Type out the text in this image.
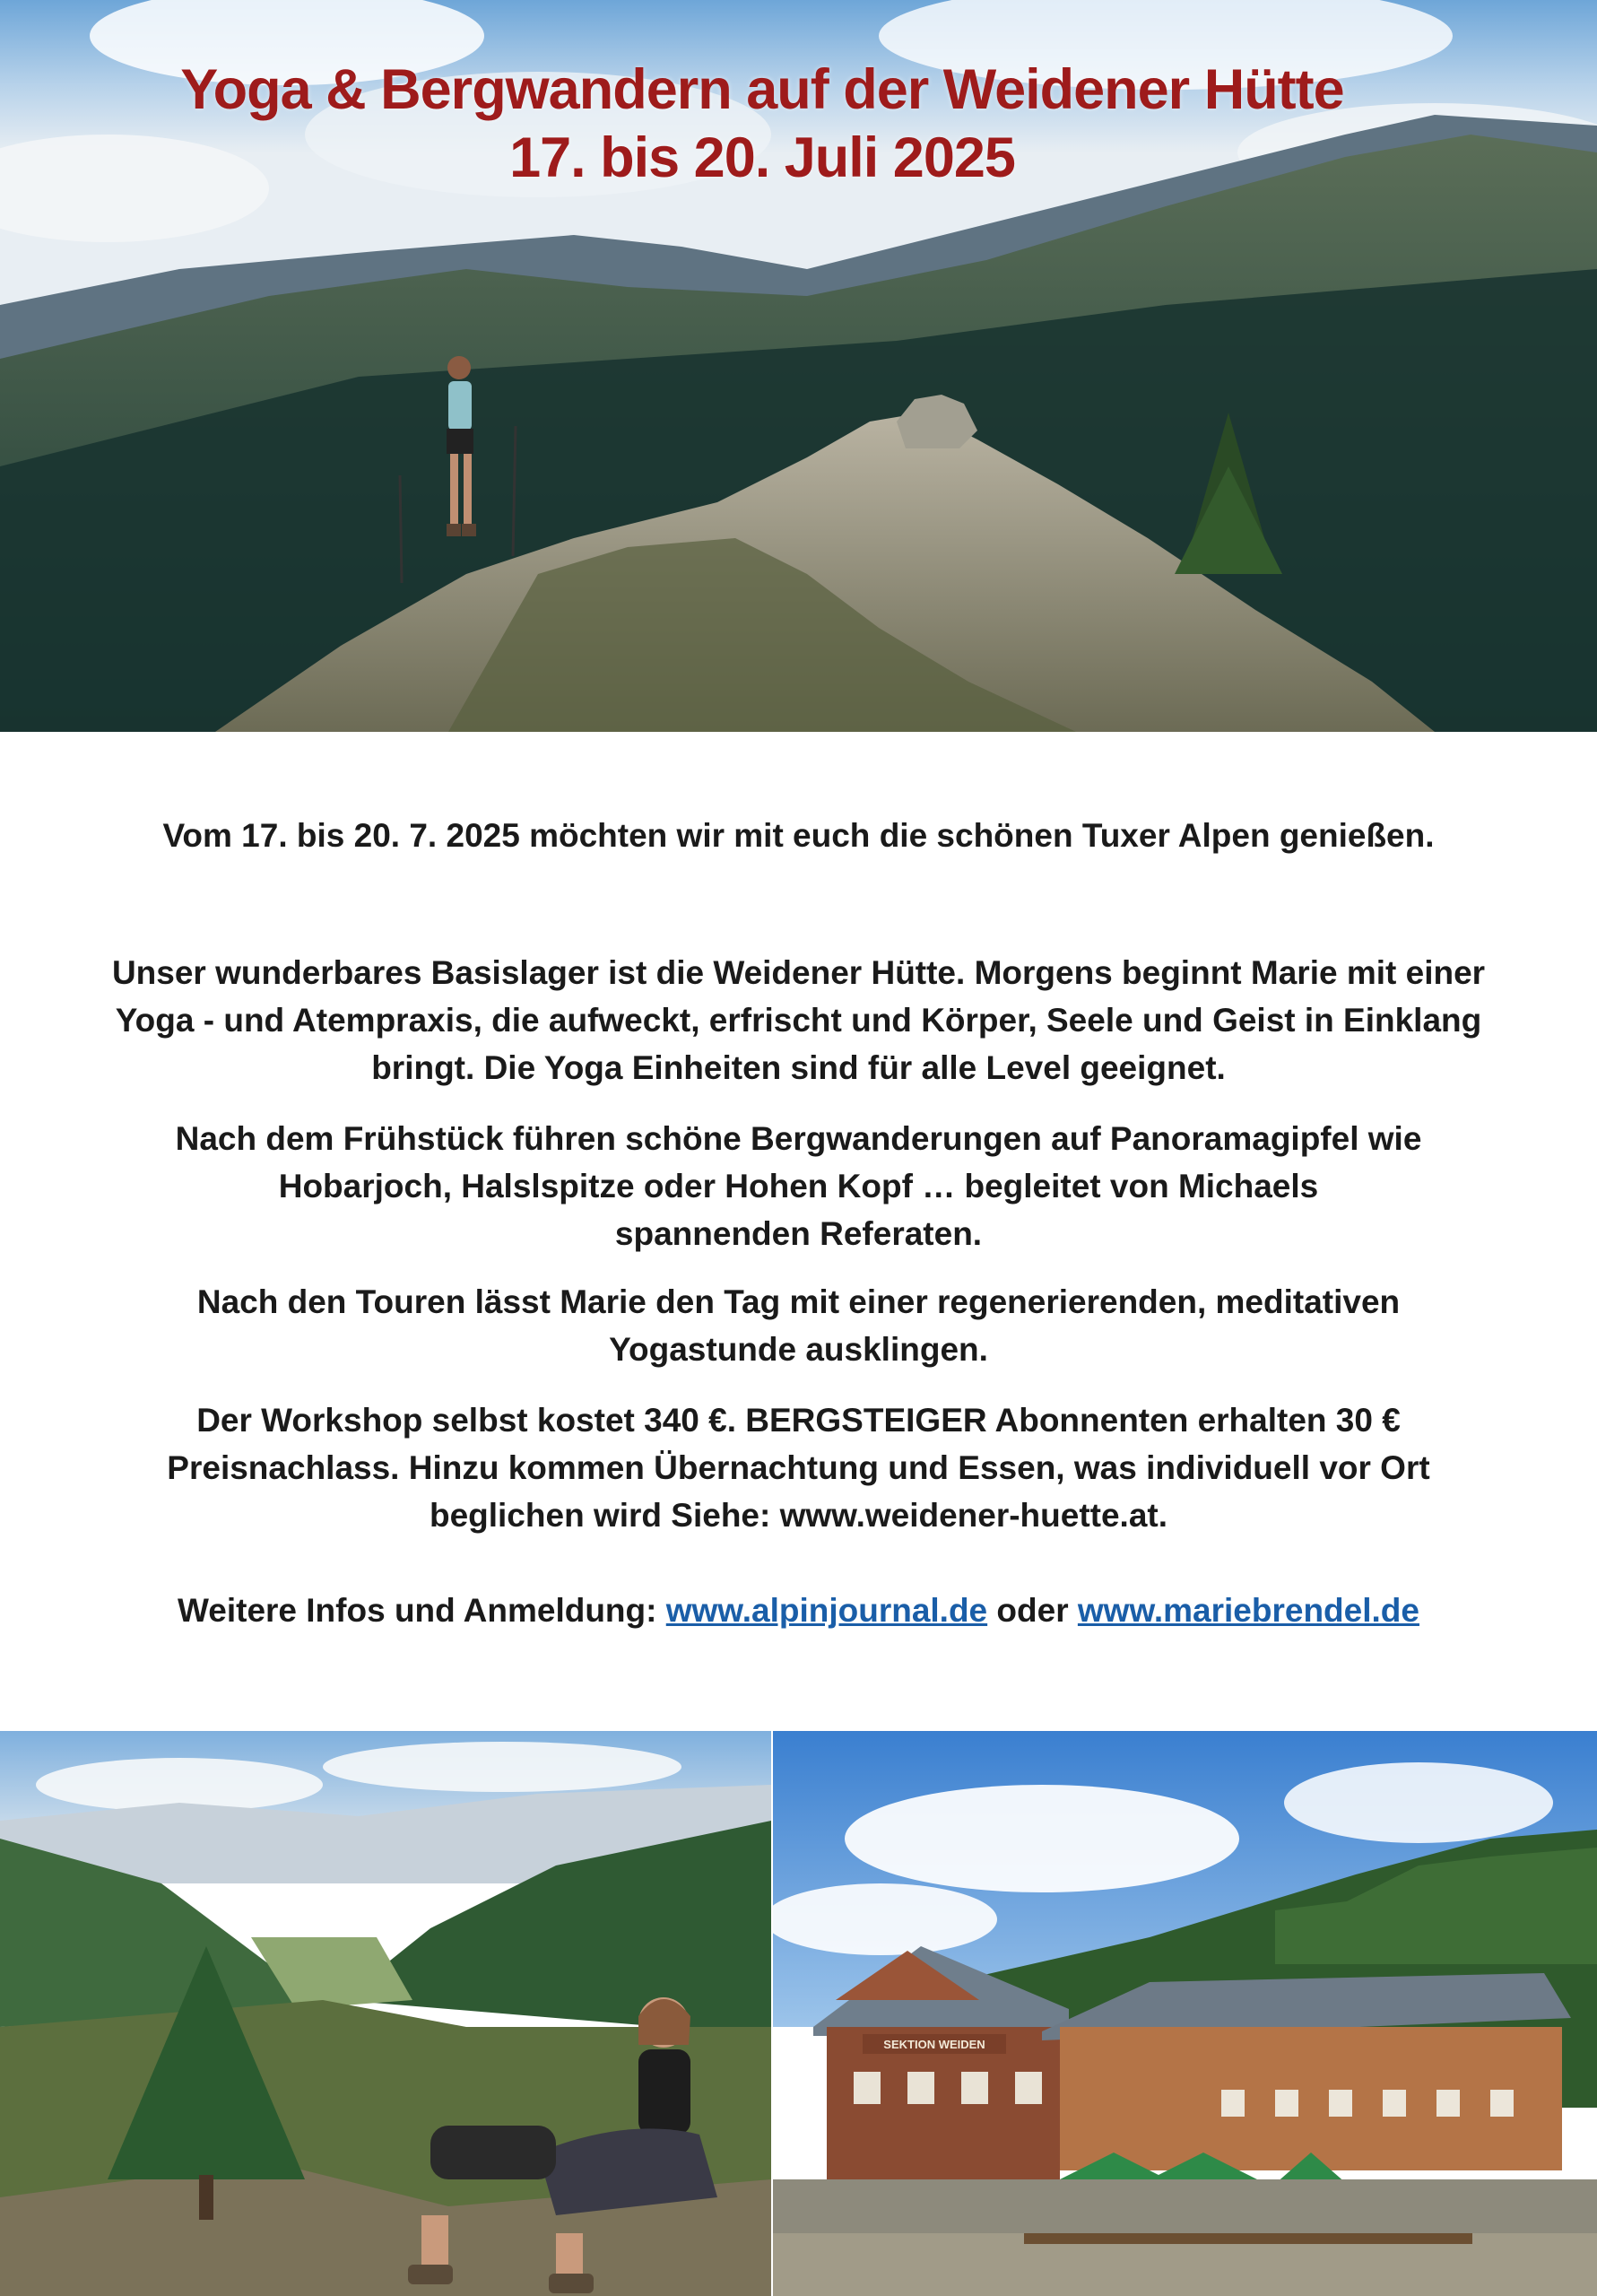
Yoga & Bergwandern auf der Weidener Hütte
17. bis 20. Juli 2025

Vom 17. bis 20. 7. 2025 möchten wir mit euch die schönen Tuxer Alpen genießen.

Unser wunderbares Basislager ist die Weidener Hütte. Morgens beginnt Marie mit einer
Yoga - und Atempraxis, die aufweckt, erfrischt und Körper, Seele und Geist in Einklang
bringt. Die Yoga Einheiten sind für alle Level geeignet.

Nach dem Frühstück führen schöne Bergwanderungen auf Panoramagipfel wie
Hobarjoch, Halslspitze oder Hohen Kopf … begleitet von Michaels
spannenden Referaten.

Nach den Touren lässt Marie den Tag mit einer regenerierenden, meditativen
Yogastunde ausklingen.

Der Workshop selbst kostet 340 €. BERGSTEIGER Abonnenten erhalten 30 €
Preisnachlass. Hinzu kommen Übernachtung und Essen, was individuell vor Ort
beglichen wird Siehe: www.weidener-huette.at.

Weitere Infos und Anmeldung: www.alpinjournal.de oder www.mariebrendel.de

SEKTION WEIDEN
